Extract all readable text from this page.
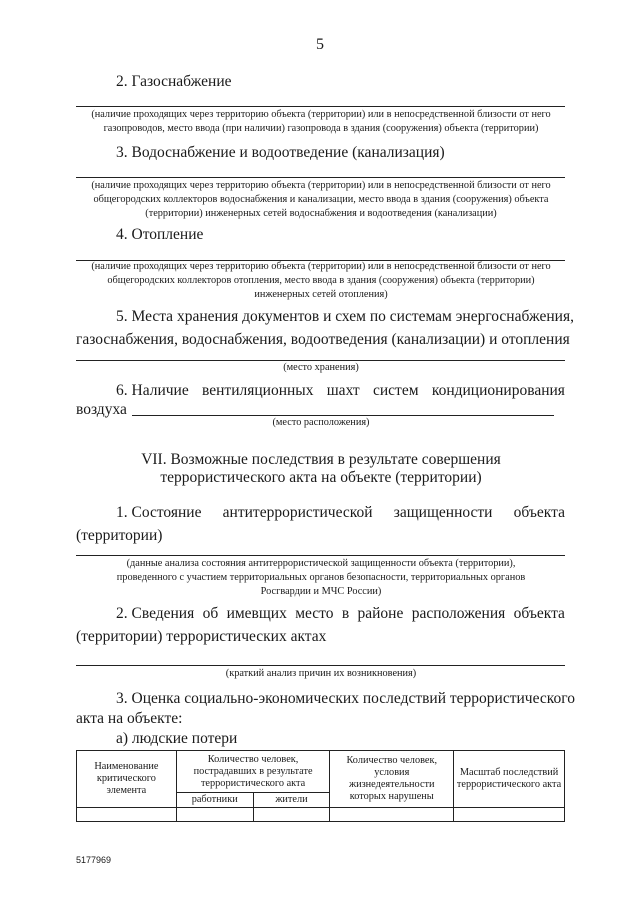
5
2. Газоснабжение
(наличие проходящих через территорию объекта (территории) или в непосредственной близости от него
газопроводов, место ввода (при наличии) газопровода в здания (сооружения) объекта (территории)
3. Водоснабжение и водоотведение (канализация)
(наличие проходящих через территорию объекта (территории) или в непосредственной близости от него
общегородских коллекторов водоснабжения и канализации, место ввода в здания (сооружения) объекта
(территории) инженерных сетей водоснабжения и водоотведения (канализации)
4. Отопление
(наличие проходящих через территорию объекта (территории) или в непосредственной близости от него
общегородских коллекторов отопления, место ввода в здания (сооружения) объекта (территории)
инженерных сетей отопления)
5. Места хранения документов и схем по системам энергоснабжения,
газоснабжения, водоснабжения, водоотведения (канализации) и отопления
(место хранения)
6. Наличие вентиляционных шахт систем кондиционирования
воздуха
(место расположения)
VII. Возможные последствия в результате совершения
террористического акта на объекте (территории)
1. Состояние антитеррористической защищенности объекта
(территории)
(данные анализа состояния антитеррористической защищенности объекта (территории),
проведенного с участием территориальных органов безопасности, территориальных органов
Росгвардии и МЧС России)
2. Сведения об имевщих место в районе расположения объекта
(территории) террористических актах
(краткий анализ причин их возникновения)
3. Оценка социально-экономических последствий террористического
акта на объекте:
а) людские потери
Наименование критического элемента	Количество человек, пострадавших в результате террористического акта		Количество человек, условия жизнедеятельности которых нарушены	Масштаб последствий террористического акта
	работники	жители		

5177969
